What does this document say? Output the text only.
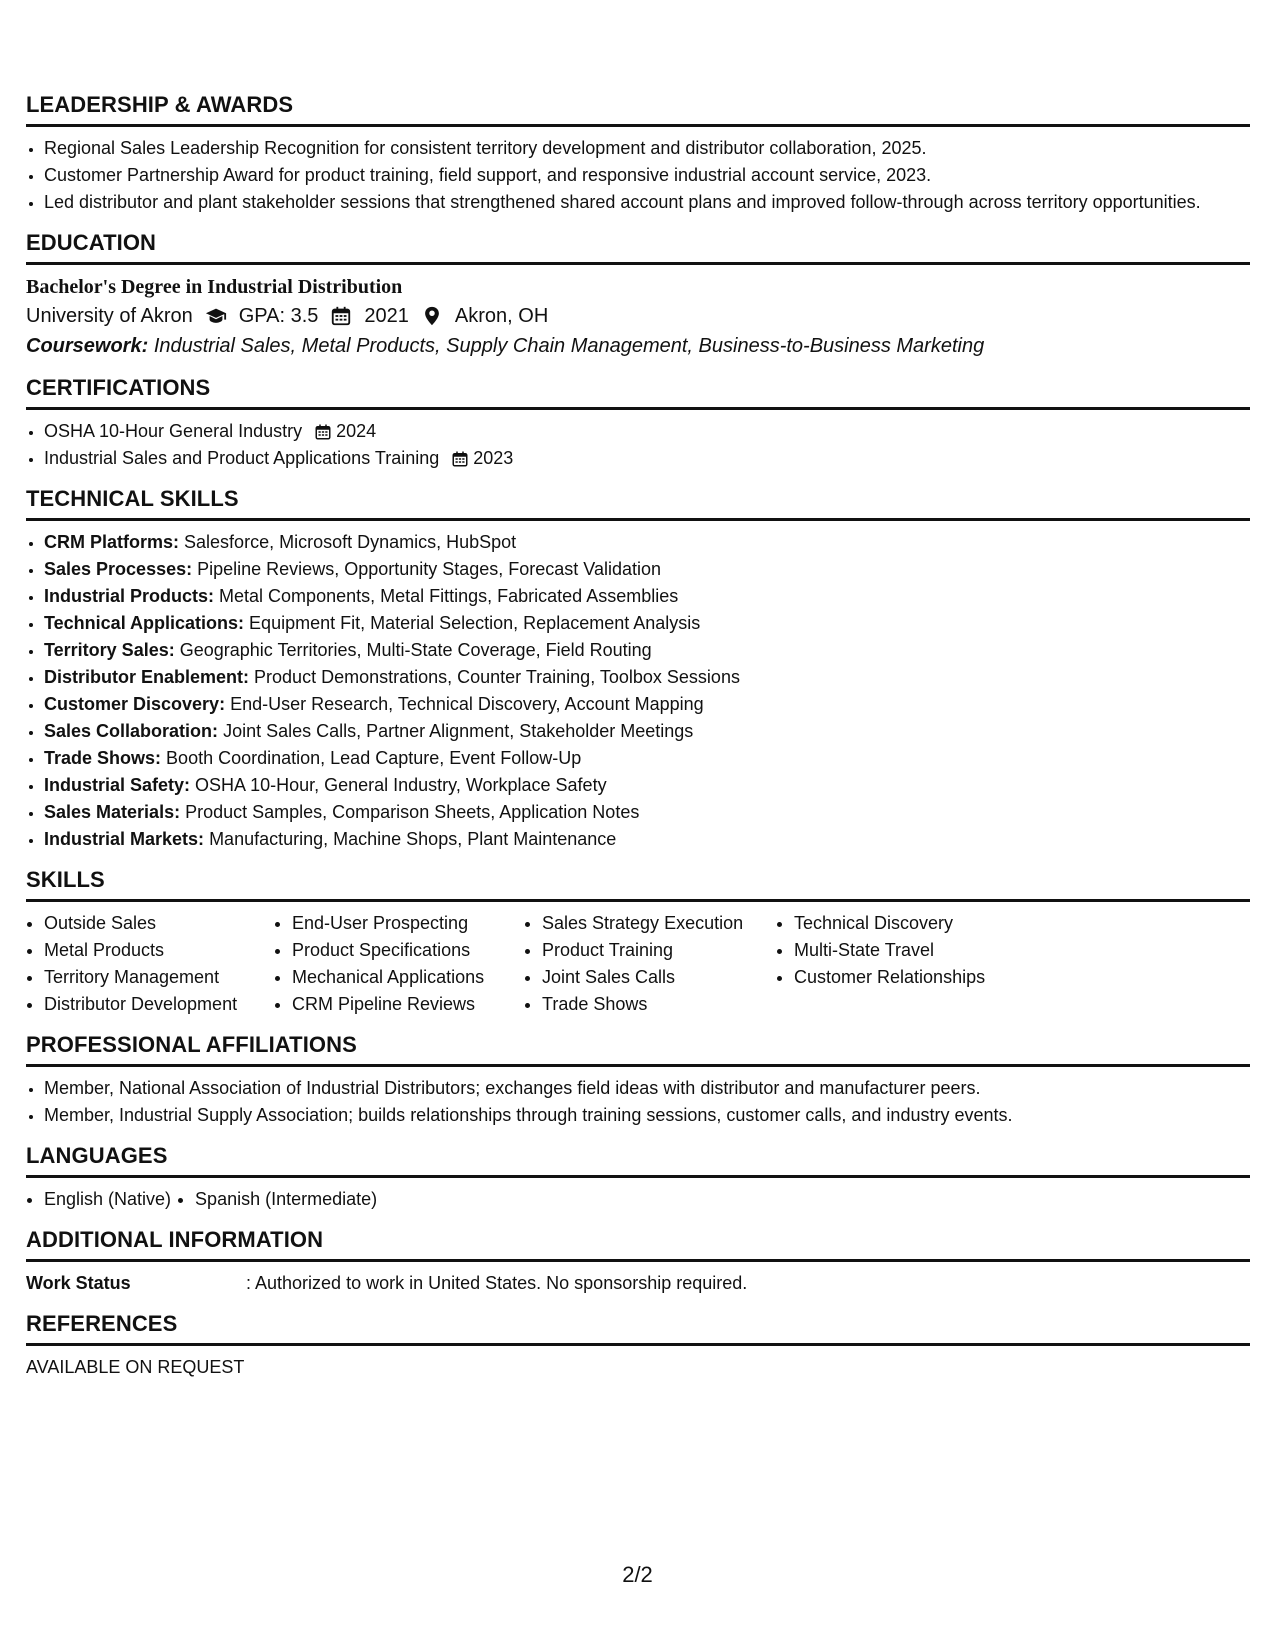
LEADERSHIP & AWARDS
• Regional Sales Leadership Recognition for consistent territory development and distributor collaboration, 2025.
• Customer Partnership Award for product training, field support, and responsive industrial account service, 2023.
• Led distributor and plant stakeholder sessions that strengthened shared account plans and improved follow-through across territory opportunities.
EDUCATION
Bachelor's Degree in Industrial Distribution
University of Akron GPA: 3.5 2021 Akron, OH
Coursework: Industrial Sales, Metal Products, Supply Chain Management, Business-to-Business Marketing
CERTIFICATIONS
• OSHA 10-Hour General Industry 2024
• Industrial Sales and Product Applications Training 2023
TECHNICAL SKILLS
• CRM Platforms: Salesforce, Microsoft Dynamics, HubSpot
• Sales Processes: Pipeline Reviews, Opportunity Stages, Forecast Validation
• Industrial Products: Metal Components, Metal Fittings, Fabricated Assemblies
• Technical Applications: Equipment Fit, Material Selection, Replacement Analysis
• Territory Sales: Geographic Territories, Multi-State Coverage, Field Routing
• Distributor Enablement: Product Demonstrations, Counter Training, Toolbox Sessions
• Customer Discovery: End-User Research, Technical Discovery, Account Mapping
• Sales Collaboration: Joint Sales Calls, Partner Alignment, Stakeholder Meetings
• Trade Shows: Booth Coordination, Lead Capture, Event Follow-Up
• Industrial Safety: OSHA 10-Hour, General Industry, Workplace Safety
• Sales Materials: Product Samples, Comparison Sheets, Application Notes
• Industrial Markets: Manufacturing, Machine Shops, Plant Maintenance
SKILLS
• Outside Sales
• Metal Products
• Territory Management
• Distributor Development
• End-User Prospecting
• Product Specifications
• Mechanical Applications
• CRM Pipeline Reviews
• Sales Strategy Execution
• Product Training
• Joint Sales Calls
• Trade Shows
• Technical Discovery
• Multi-State Travel
• Customer Relationships
PROFESSIONAL AFFILIATIONS
• Member, National Association of Industrial Distributors; exchanges field ideas with distributor and manufacturer peers.
• Member, Industrial Supply Association; builds relationships through training sessions, customer calls, and industry events.
LANGUAGES
• English (Native)
• Spanish (Intermediate)
ADDITIONAL INFORMATION
Work Status	: Authorized to work in United States. No sponsorship required.
REFERENCES
AVAILABLE ON REQUEST
2/2
